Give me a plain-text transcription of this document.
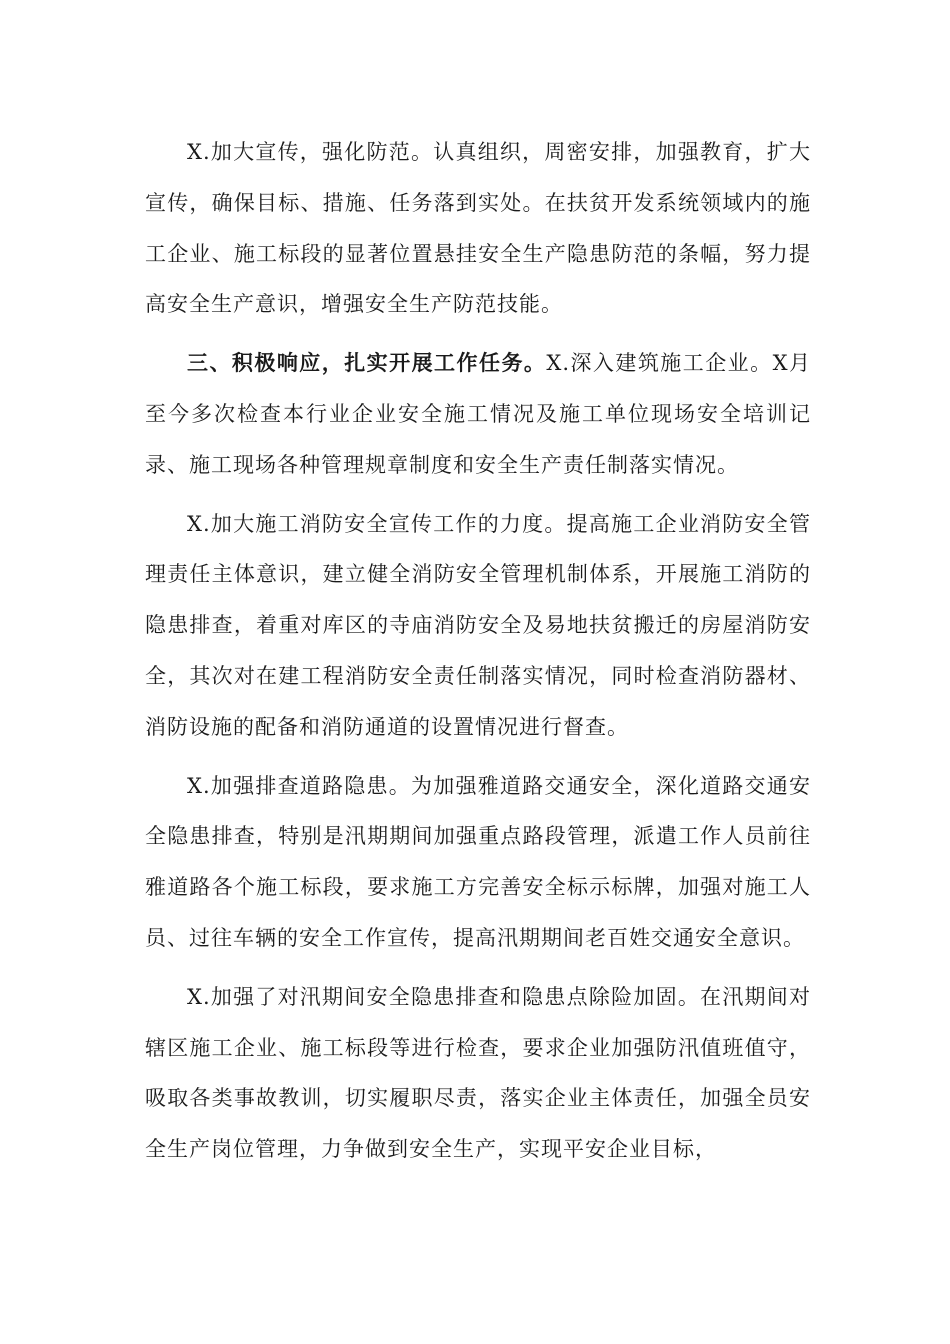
X.加大宣传，强化防范。认真组织，周密安排，加强教育，扩大宣传，确保目标、措施、任务落到实处。在扶贫开发系统领域内的施工企业、施工标段的显著位置悬挂安全生产隐患防范的条幅，努力提高安全生产意识，增强安全生产防范技能。

三、积极响应，扎实开展工作任务。X.深入建筑施工企业。X月至今多次检查本行业企业安全施工情况及施工单位现场安全培训记录、施工现场各种管理规章制度和安全生产责任制落实情况。

X.加大施工消防安全宣传工作的力度。提高施工企业消防安全管理责任主体意识，建立健全消防安全管理机制体系，开展施工消防的隐患排查，着重对库区的寺庙消防安全及易地扶贫搬迁的房屋消防安全，其次对在建工程消防安全责任制落实情况，同时检查消防器材、消防设施的配备和消防通道的设置情况进行督查。

X.加强排查道路隐患。为加强雅道路交通安全，深化道路交通安全隐患排查，特别是汛期期间加强重点路段管理，派遣工作人员前往雅道路各个施工标段，要求施工方完善安全标示标牌，加强对施工人员、过往车辆的安全工作宣传，提高汛期期间老百姓交通安全意识。

X.加强了对汛期间安全隐患排查和隐患点除险加固。在汛期间对辖区施工企业、施工标段等进行检查，要求企业加强防汛值班值守，吸取各类事故教训，切实履职尽责，落实企业主体责任，加强全员安全生产岗位管理，力争做到安全生产，实现平安企业目标，
